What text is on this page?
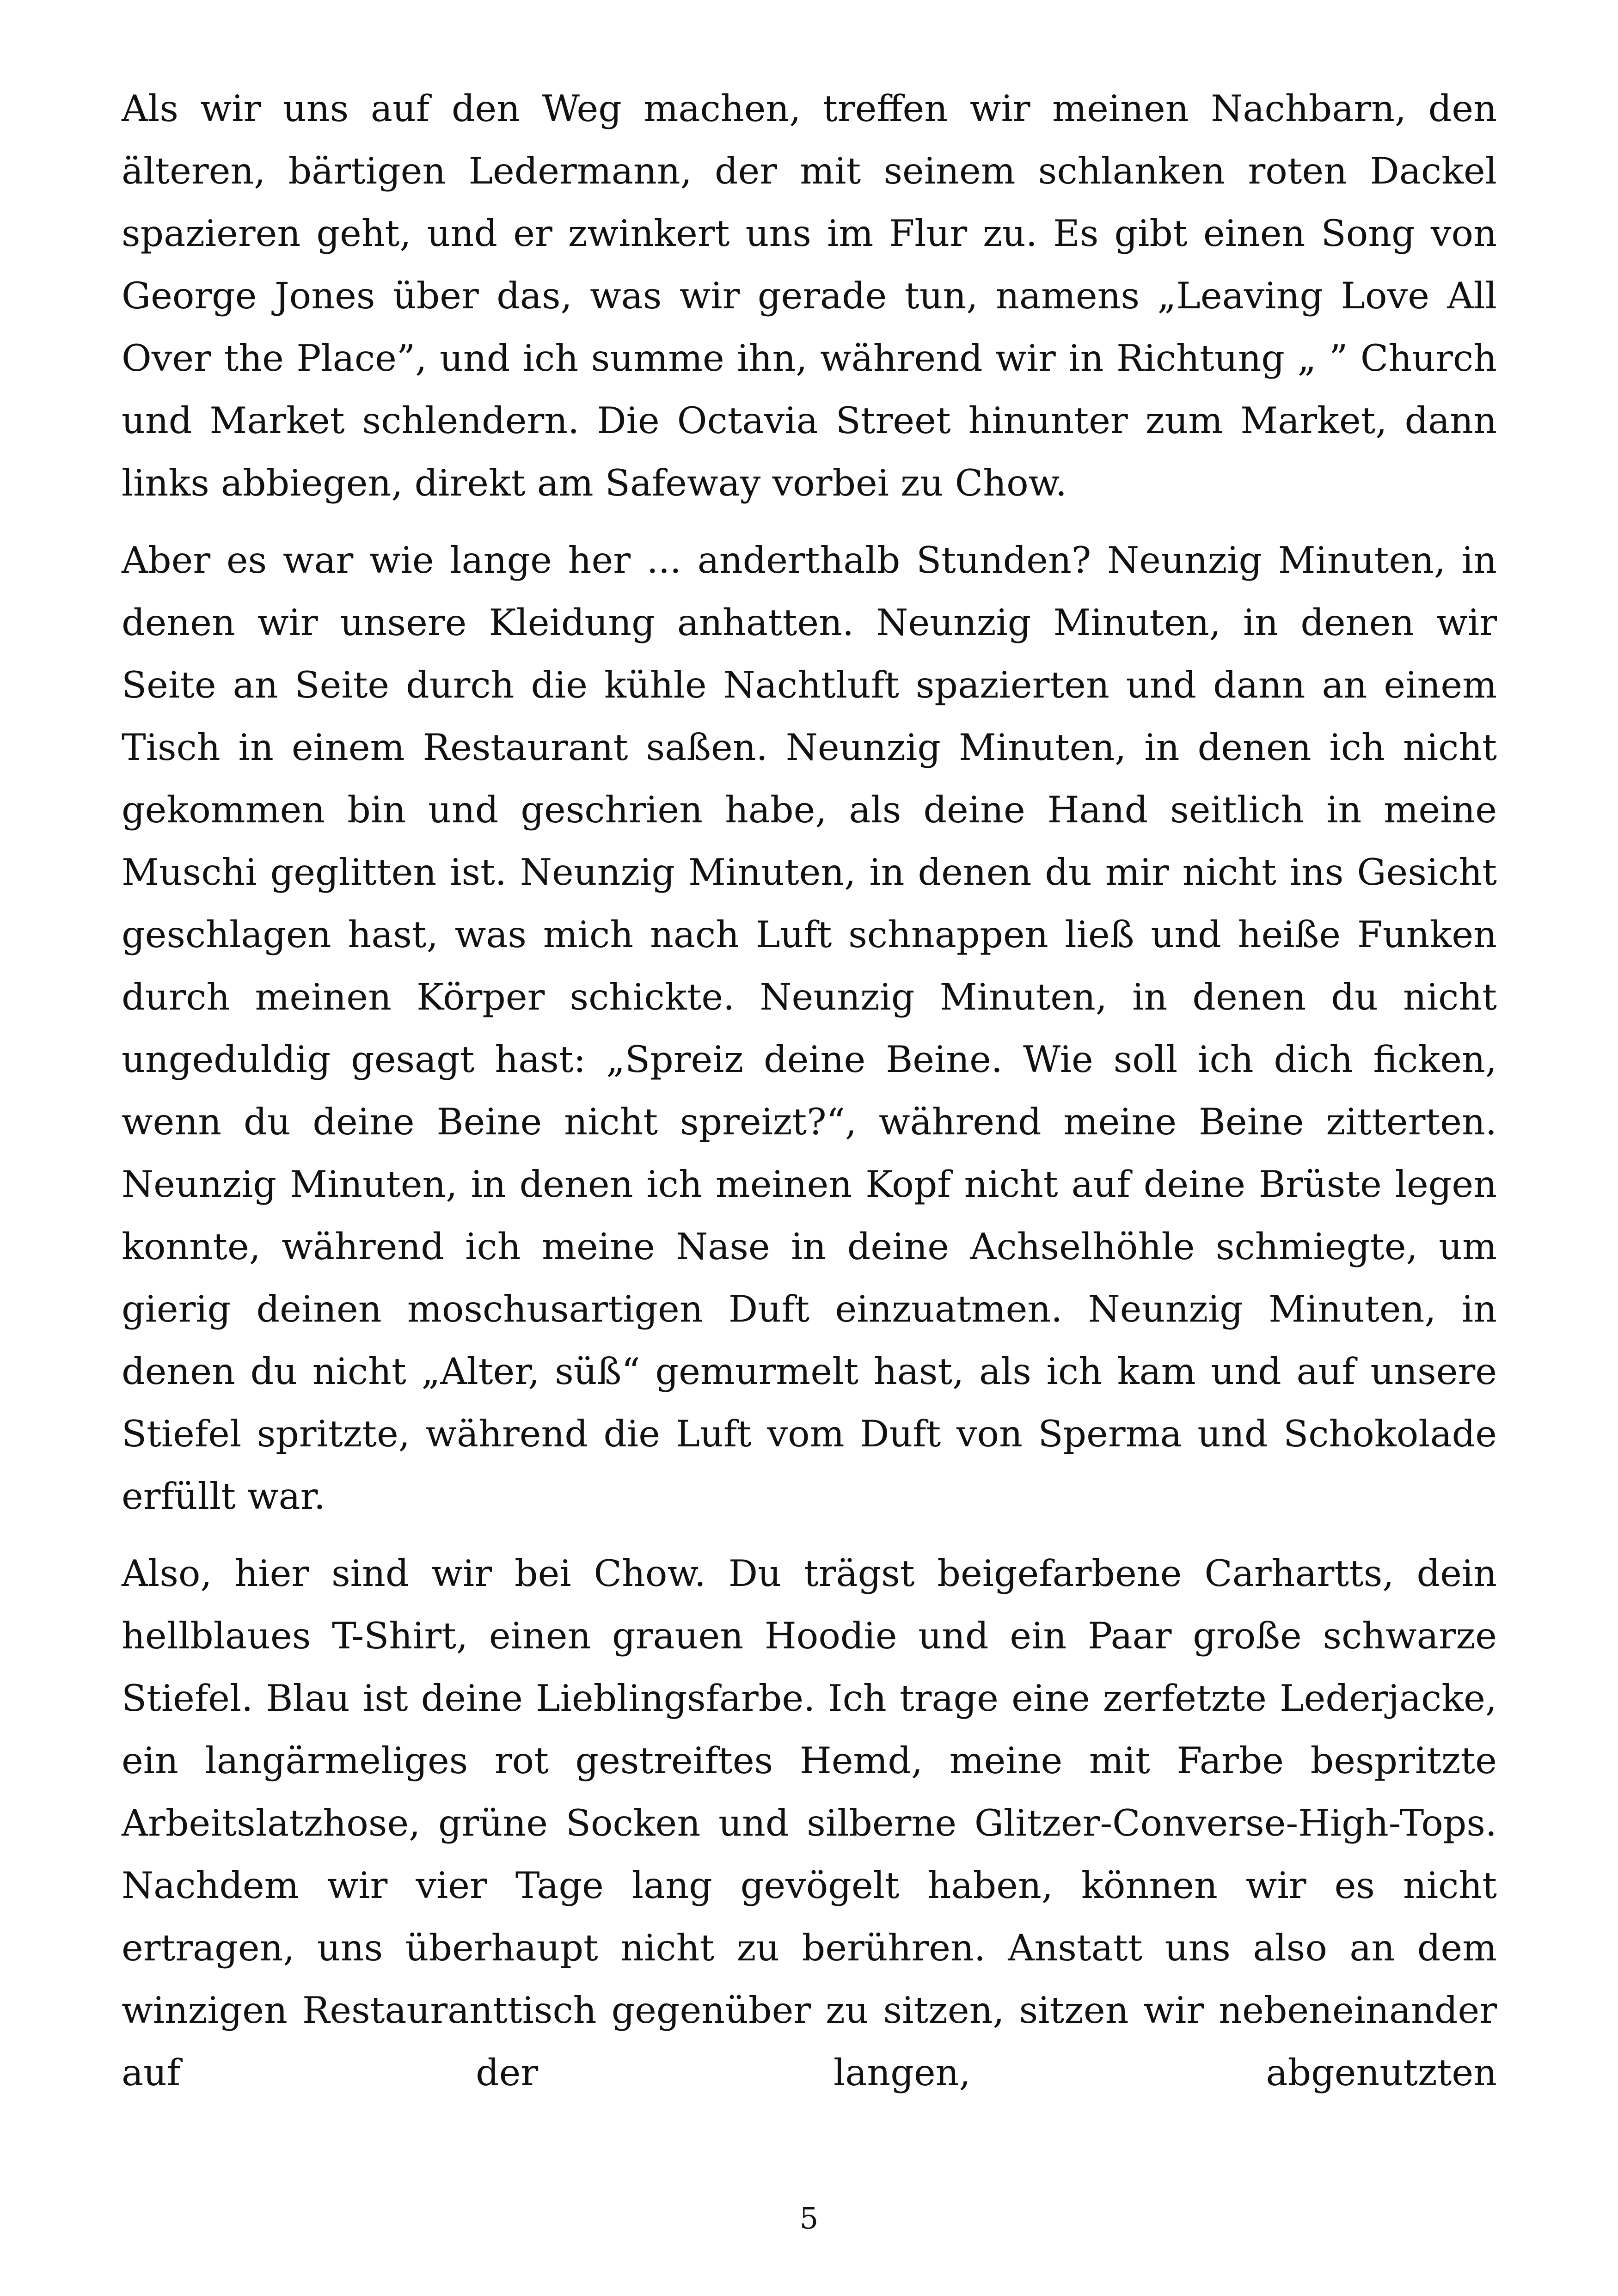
Als wir uns auf den Weg machen, treffen wir meinen Nachbarn, den älteren, bärtigen Ledermann, der mit seinem schlanken roten Dackel spazieren geht, und er zwinkert uns im Flur zu. Es gibt einen Song von George Jones über das, was wir gerade tun, namens „Leaving Love All Over the Place”, und ich summe ihn, während wir in Richtung „ ” Church und Market schlendern. Die Octavia Street hinunter zum Market, dann links abbiegen, direkt am Safeway vorbei zu Chow.

Aber es war wie lange her ... anderthalb Stunden? Neunzig Minuten, in denen wir unsere Kleidung anhatten. Neunzig Minuten, in denen wir Seite an Seite durch die kühle Nachtluft spazierten und dann an einem Tisch in einem Restaurant saßen. Neunzig Minuten, in denen ich nicht gekommen bin und geschrien habe, als deine Hand seitlich in meine Muschi geglitten ist. Neunzig Minuten, in denen du mir nicht ins Gesicht geschlagen hast, was mich nach Luft schnappen ließ und heiße Funken durch meinen Körper schickte. Neunzig Minuten, in denen du nicht ungeduldig gesagt hast: „Spreiz deine Beine. Wie soll ich dich ficken, wenn du deine Beine nicht spreizt?“, während meine Beine zitterten. Neunzig Minuten, in denen ich meinen Kopf nicht auf deine Brüste legen konnte, während ich meine Nase in deine Achselhöhle schmiegte, um gierig deinen moschusartigen Duft einzuatmen. Neunzig Minuten, in denen du nicht „Alter, süß“ gemurmelt hast, als ich kam und auf unsere Stiefel spritzte, während die Luft vom Duft von Sperma und Schokolade erfüllt war.

Also, hier sind wir bei Chow. Du trägst beigefarbene Carhartts, dein hellblaues T-Shirt, einen grauen Hoodie und ein Paar große schwarze Stiefel. Blau ist deine Lieblingsfarbe. Ich trage eine zerfetzte Lederjacke, ein langärmeliges rot gestreiftes Hemd, meine mit Farbe bespritzte Arbeitslatzhose, grüne Socken und silberne Glitzer-Converse-High-Tops. Nachdem wir vier Tage lang gevögelt haben, können wir es nicht ertragen, uns überhaupt nicht zu berühren. Anstatt uns also an dem winzigen Restauranttisch gegenüber zu sitzen, sitzen wir nebeneinander auf der langen, abgenutzten

5
